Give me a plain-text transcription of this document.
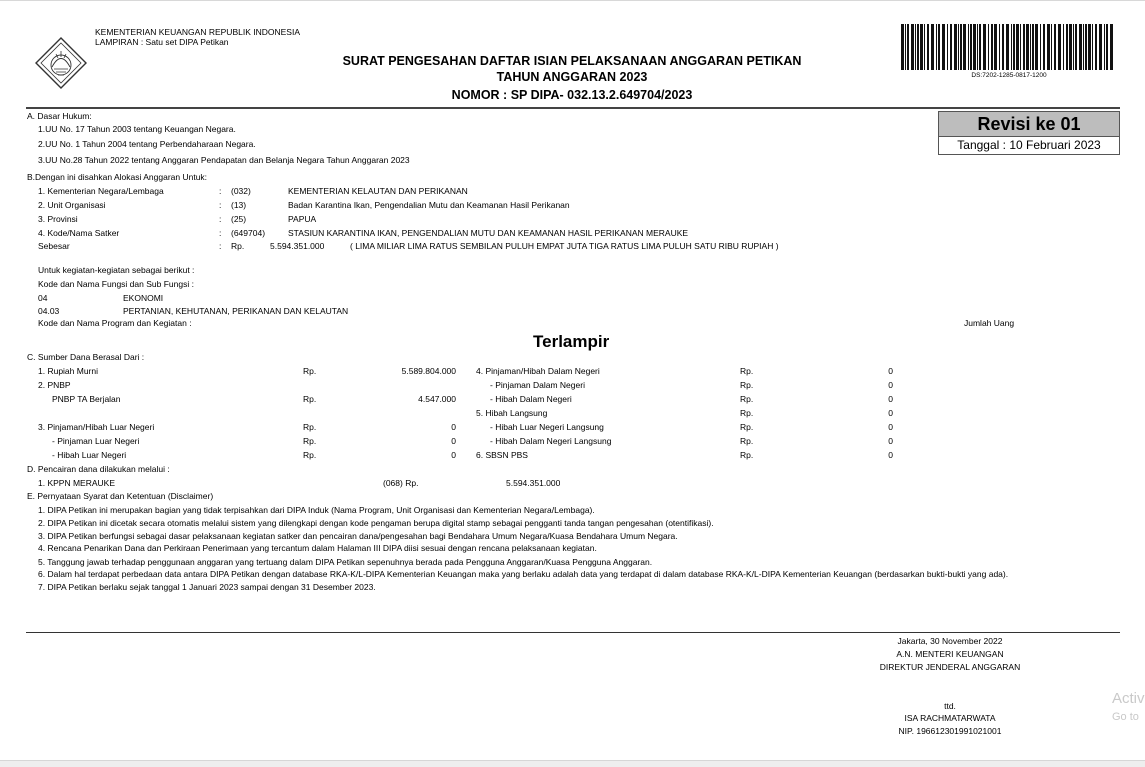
KEMENTERIAN KEUANGAN REPUBLIK INDONESIA
LAMPIRAN : Satu set DIPA Petikan
SURAT PENGESAHAN DAFTAR ISIAN PELAKSANAAN ANGGARAN PETIKAN
TAHUN ANGGARAN 2023
NOMOR : SP DIPA- 032.13.2.649704/2023
DS:7202-1285-0817-1200
Revisi ke 01
Tanggal : 10 Februari 2023
A. Dasar Hukum:
1.UU No. 17 Tahun 2003 tentang Keuangan Negara.
2.UU No. 1 Tahun 2004 tentang Perbendaharaan Negara.
3.UU No.28 Tahun 2022 tentang Anggaran Pendapatan dan Belanja Negara Tahun Anggaran 2023
B.Dengan ini disahkan Alokasi Anggaran Untuk:
1. Kementerian Negara/Lembaga	: (032)	KEMENTERIAN KELAUTAN DAN PERIKANAN
2. Unit Organisasi	: (13)	Badan Karantina Ikan, Pengendalian Mutu dan Keamanan Hasil Perikanan
3. Provinsi	: (25)	PAPUA
4. Kode/Nama Satker	: (649704)	STASIUN KARANTINA IKAN, PENGENDALIAN MUTU DAN KEAMANAN HASIL PERIKANAN MERAUKE
Sebesar	: Rp.	5.594.351.000	( LIMA MILIAR LIMA RATUS SEMBILAN PULUH EMPAT JUTA TIGA RATUS LIMA PULUH SATU RIBU RUPIAH )
Untuk kegiatan-kegiatan sebagai berikut :
Kode dan Nama Fungsi dan Sub Fungsi :
04	EKONOMI
04.03	PERTANIAN, KEHUTANAN, PERIKANAN DAN KELAUTAN
Kode dan Nama Program dan Kegiatan :	Jumlah Uang
Terlampir
C. Sumber Dana Berasal Dari :
1. Rupiah Murni	Rp.	5.589.804.000
2. PNBP
PNBP TA Berjalan	Rp.	4.547.000
3. Pinjaman/Hibah Luar Negeri	Rp.	0
- Pinjaman Luar Negeri	Rp.	0
- Hibah Luar Negeri	Rp.	0
4. Pinjaman/Hibah Dalam Negeri	Rp.	0
- Pinjaman Dalam Negeri	Rp.	0
- Hibah Dalam Negeri	Rp.	0
5. Hibah Langsung	Rp.	0
- Hibah Luar Negeri Langsung	Rp.	0
- Hibah Dalam Negeri Langsung	Rp.	0
6. SBSN PBS	Rp.	0
D. Pencairan dana dilakukan melalui :
1. KPPN MERAUKE	(068) Rp.	5.594.351.000
E. Pernyataan Syarat dan Ketentuan (Disclaimer)
1. DIPA Petikan ini merupakan bagian yang tidak terpisahkan dari DIPA Induk (Nama Program, Unit Organisasi dan Kementerian Negara/Lembaga).
2. DIPA Petikan ini dicetak secara otomatis melalui sistem yang dilengkapi dengan kode pengaman berupa digital stamp sebagai pengganti tanda tangan pengesahan (otentifikasi).
3. DIPA Petikan berfungsi sebagai dasar pelaksanaan kegiatan satker dan pencairan dana/pengesahan bagi Bendahara Umum Negara/Kuasa Bendahara Umum Negara.
4. Rencana Penarikan Dana dan Perkiraan Penerimaan yang tercantum dalam Halaman III DIPA diisi sesuai dengan rencana pelaksanaan kegiatan.
5. Tanggung jawab terhadap penggunaan anggaran yang tertuang dalam DIPA Petikan sepenuhnya berada pada Pengguna Anggaran/Kuasa Pengguna Anggaran.
6. Dalam hal terdapat perbedaan data antara DIPA Petikan dengan database RKA-K/L-DIPA Kementerian Keuangan maka yang berlaku adalah data yang terdapat di dalam database RKA-K/L-DIPA Kementerian Keuangan (berdasarkan bukti-bukti yang ada).
7. DIPA Petikan berlaku sejak tanggal 1 Januari 2023 sampai dengan 31 Desember 2023.
Jakarta, 30 November 2022
A.N. MENTERI KEUANGAN
DIREKTUR JENDERAL ANGGARAN
ttd.
ISA RACHMATARWATA
NIP. 196612301991021001
Activ
Go to
